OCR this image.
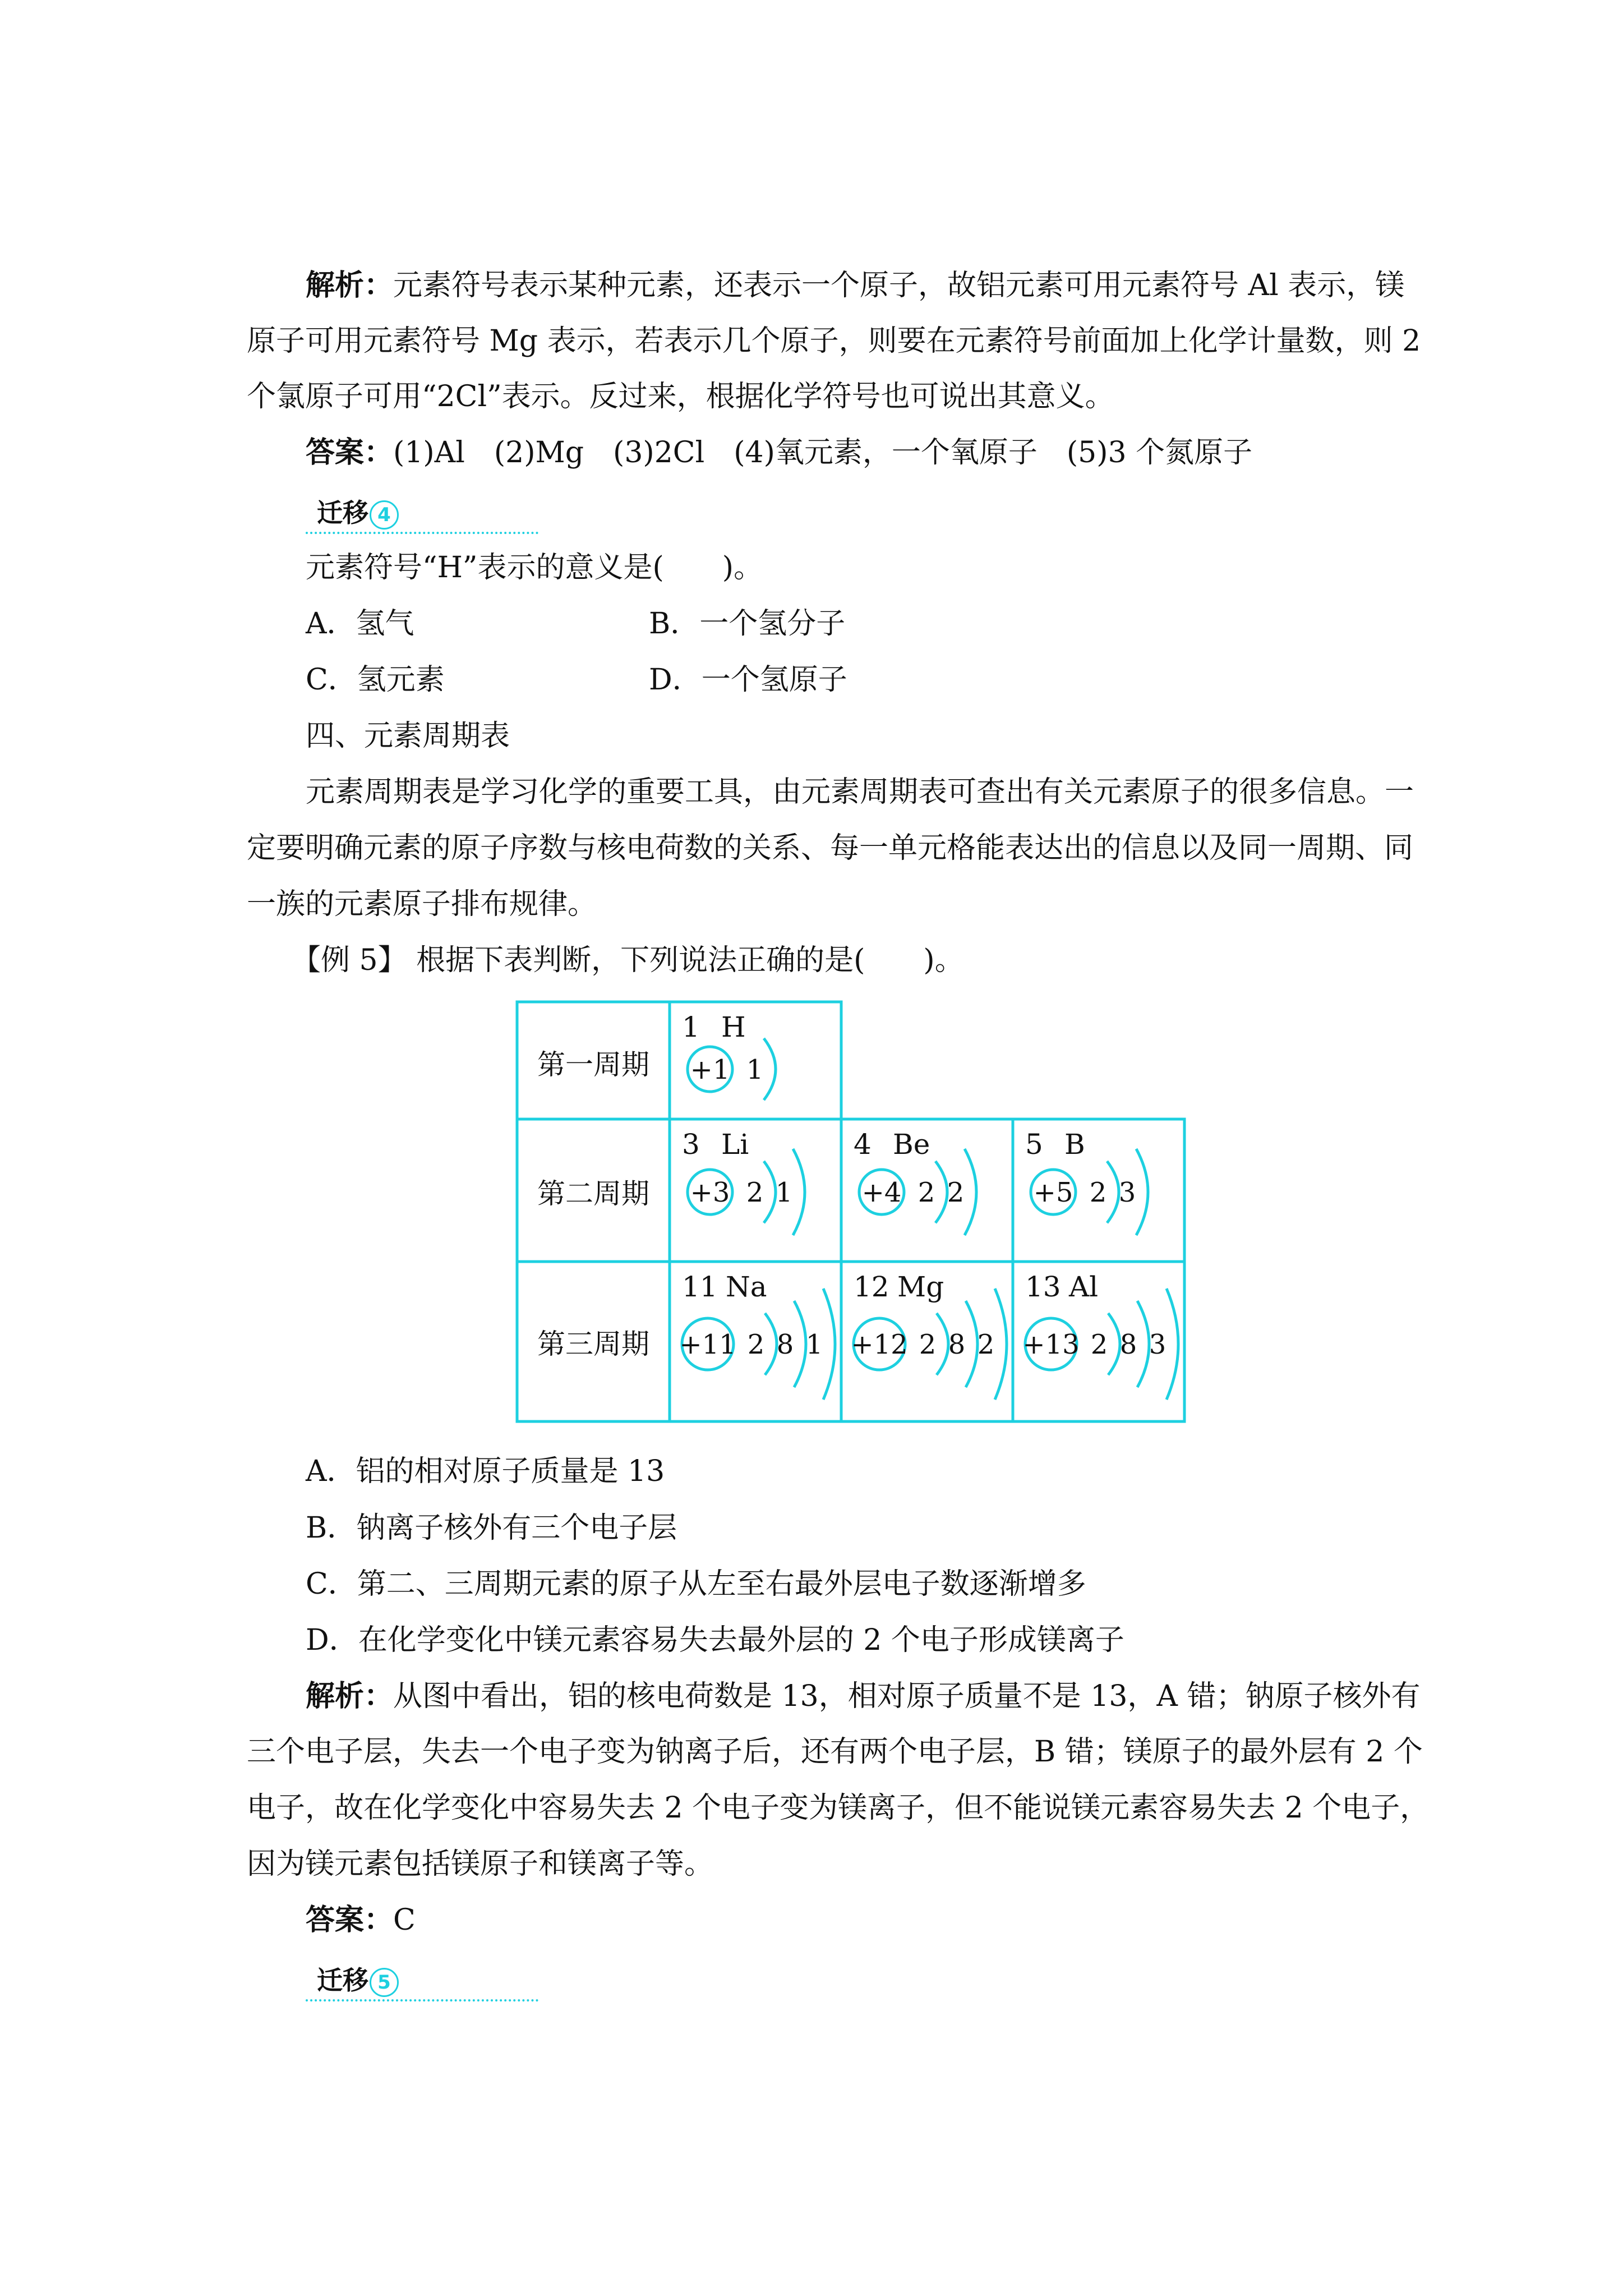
解析：元素符号表示某种元素，还表示一个原子，故铝元素可用元素符号 Al 表示，镁
原子可用元素符号 Mg 表示，若表示几个原子，则要在元素符号前面加上化学计量数，则 2
个氯原子可用“2Cl”表示。反过来，根据化学符号也可说出其意义。
答案：(1)Al　(2)Mg　(3)2Cl　(4)氧元素，一个氧原子　(5)3 个氮原子
迁移 4
元素符号“H”表示的意义是(　　)。
A．氢气	B．一个氢分子
C．氢元素	D．一个氢原子
四、元素周期表
元素周期表是学习化学的重要工具，由元素周期表可查出有关元素原子的很多信息。一
定要明确元素的原子序数与核电荷数的关系、每一单元格能表达出的信息以及同一周期、同
一族的元素原子排布规律。
【例 5】 根据下表判断，下列说法正确的是(　　)。
第一周期
第二周期
第三周期
1 H
+1 1
3 Li
+3 2 1
4 Be
+4 2 2
5 B
+5 2 3
11 Na
+11 2 8 1
12 Mg
+12 2 8 2
13 Al
+13 2 8 3
A．铝的相对原子质量是 13
B．钠离子核外有三个电子层
C．第二、三周期元素的原子从左至右最外层电子数逐渐增多
D．在化学变化中镁元素容易失去最外层的 2 个电子形成镁离子
解析：从图中看出，铝的核电荷数是 13，相对原子质量不是 13，A 错；钠原子核外有
三个电子层，失去一个电子变为钠离子后，还有两个电子层，B 错；镁原子的最外层有 2 个
电子，故在化学变化中容易失去 2 个电子变为镁离子，但不能说镁元素容易失去 2 个电子，
因为镁元素包括镁原子和镁离子等。
答案：C
迁移 5
